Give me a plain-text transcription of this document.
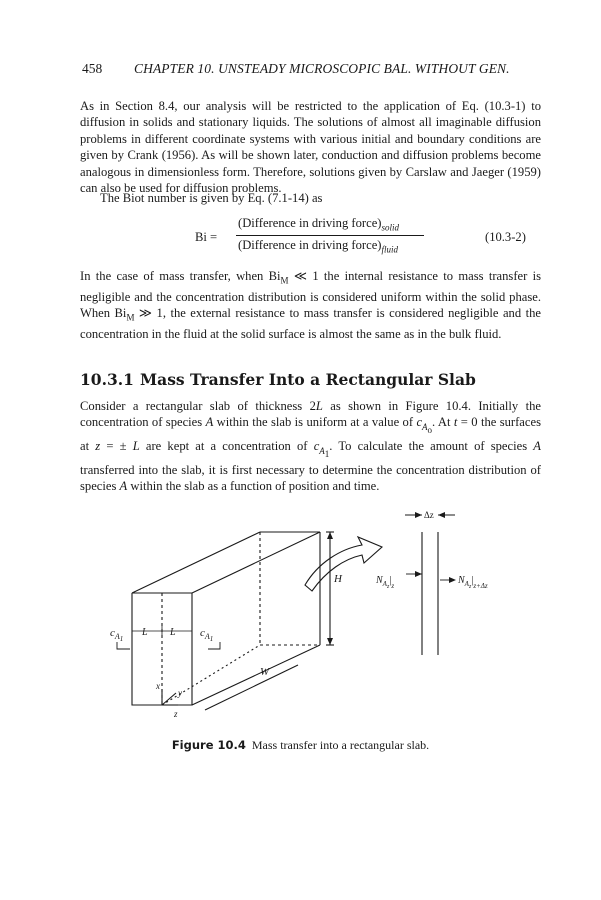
458 CHAPTER 10. UNSTEADY MICROSCOPIC BAL. WITHOUT GEN.
As in Section 8.4, our analysis will be restricted to the application of Eq. (10.3-1) to diffusion in solids and stationary liquids. The solutions of almost all imaginable diffusion problems in different coordinate systems with various initial and boundary conditions are given by Crank (1956). As will be shown later, conduction and diffusion problems become analogous in dimensionless form. Therefore, solutions given by Carslaw and Jaeger (1959) can also be used for diffusion problems.
The Biot number is given by Eq. (7.1-14) as
Bi =
(Difference in driving $force)_{solid}$
(Difference in driving $force)_{fluid}$
(10.3-2)
In the case of mass transfer, when $Bi_M$ ≪ 1 the internal resistance to mass transfer is negligible and the concentration distribution is considered uniform within the solid phase. When $Bi_M$ ≫ 1, the external resistance to mass transfer is considered negligible and the concentration in the fluid at the solid surface is almost the same as in the bulk fluid.
10.3.1 Mass Transfer Into a Rectangular Slab
Consider a rectangular slab of thickness 2L as shown in Figure 10.4. Initially the concentration of species A within the slab is uniform at a value of $c_{A_o}$. At t = 0 the surfaces at z = ± L are kept at a concentration of $c_{A_1}$. To calculate the amount of species A transferred into the slab, it is first necessary to determine the concentration distribution of species A within the slab as a function of position and time.
H
W
L L
$c_A1$	$c_A1$
x
y
z
Δz
$N_{Az}|_z$	$N_{Az}|_{z+\Delta z}$
Figure 10.4 Mass transfer into a rectangular slab.
